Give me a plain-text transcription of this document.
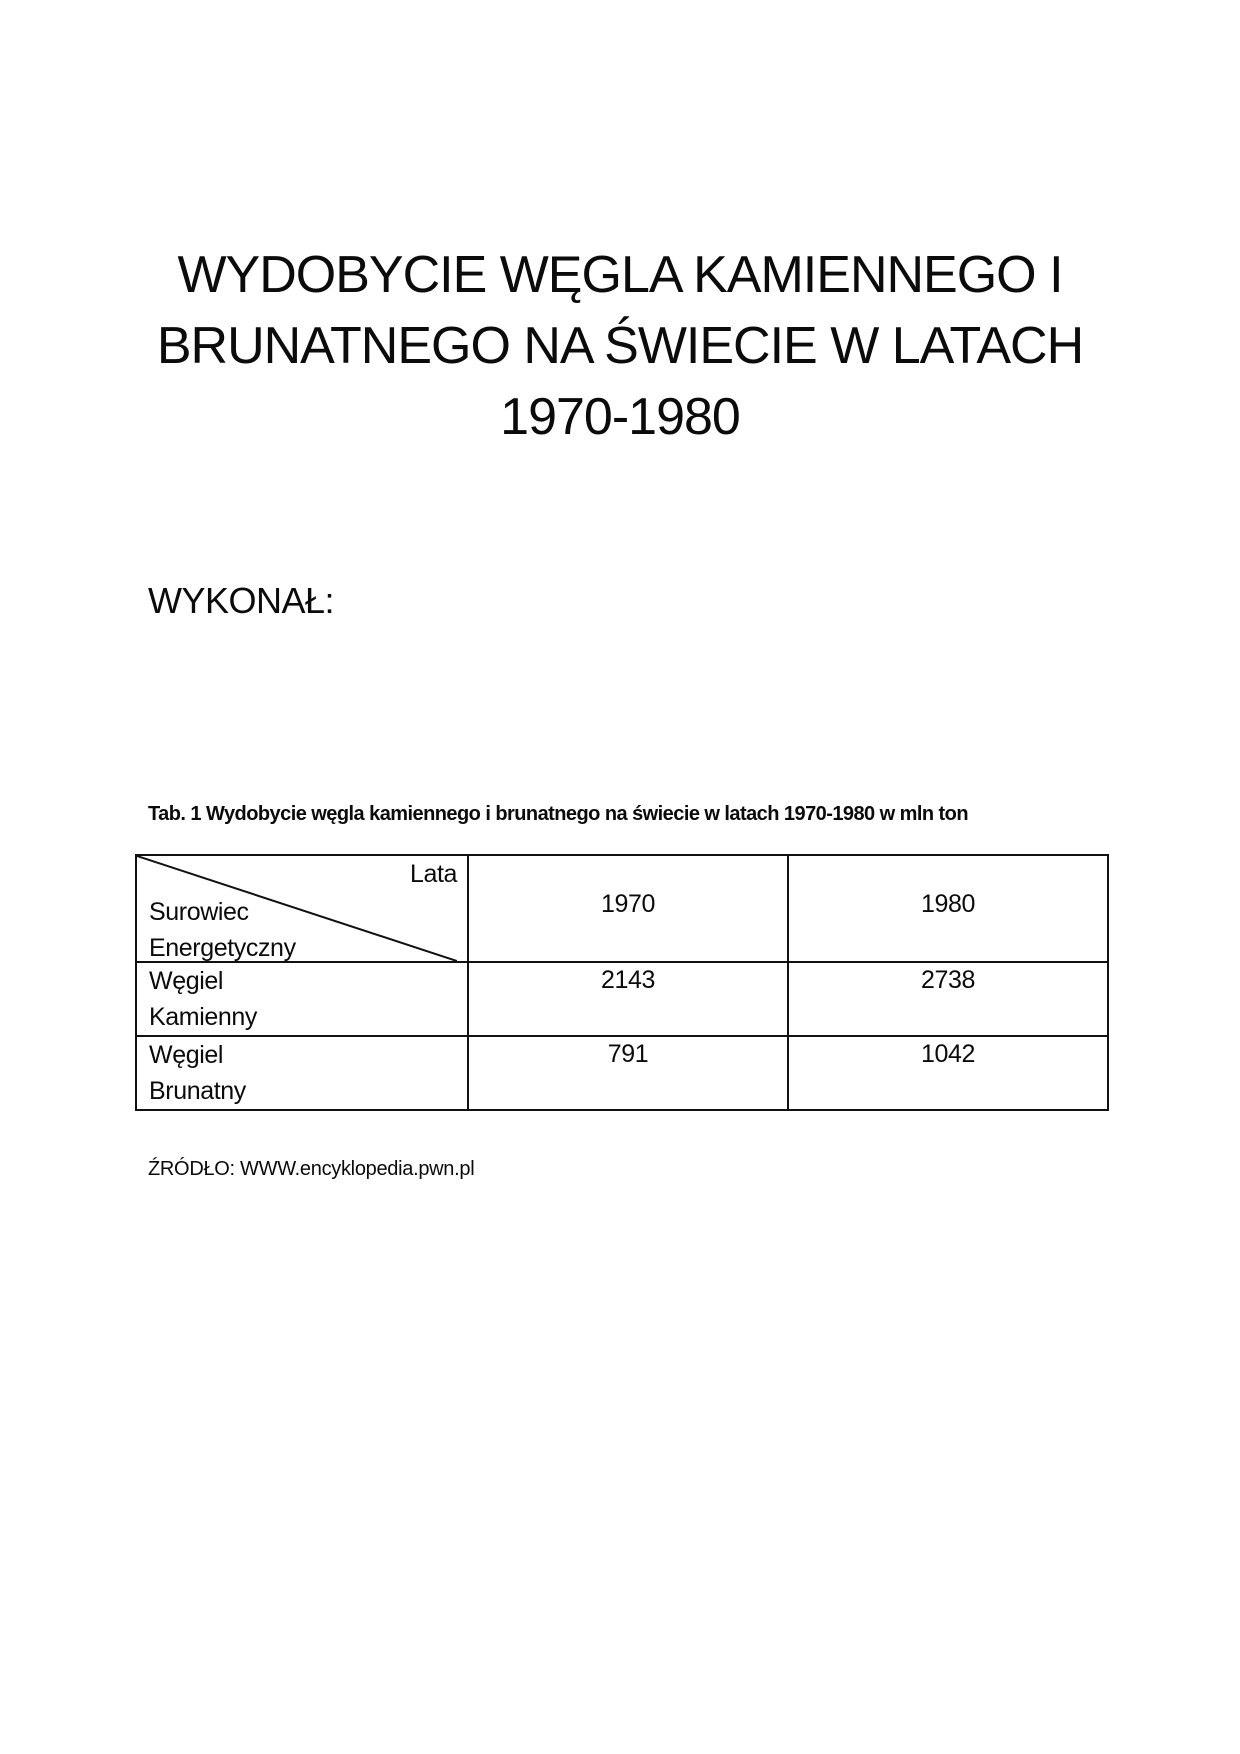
WYDOBYCIE WĘGLA KAMIENNEGO I
BRUNATNEGO NA ŚWIECIE W LATACH
1970-1980
WYKONAŁ:
Tab. 1 Wydobycie węgla kamiennego i brunatnego na świecie w latach 1970-1980 w mln ton
Lata
Surowiec
Energetyczny	1970	1980
Węgiel
Kamienny	2143	2738
Węgiel
Brunatny	791	1042
ŹRÓDŁO: WWW.encyklopedia.pwn.pl
